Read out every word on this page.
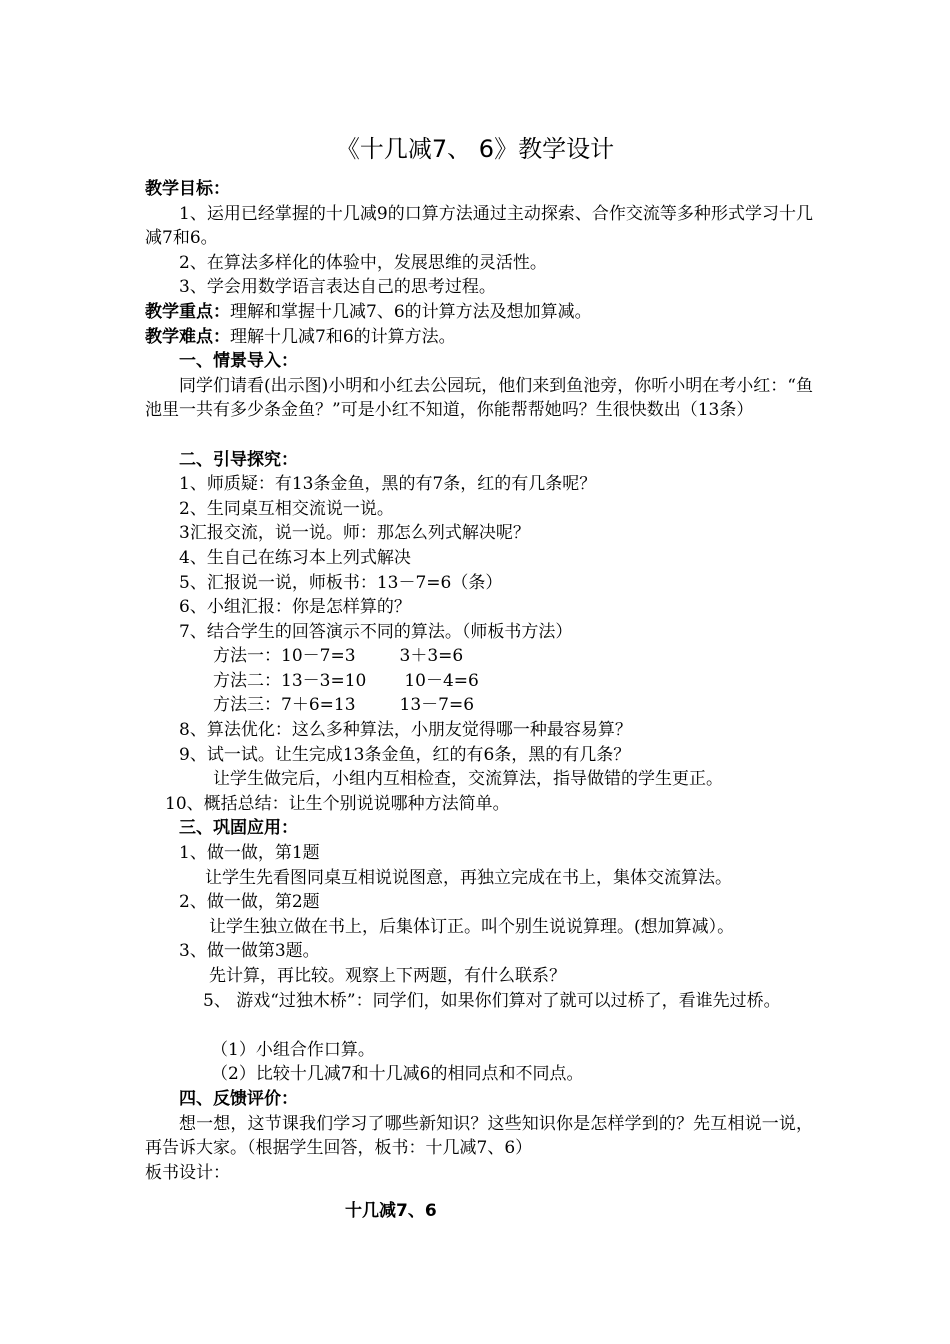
《十几减7、 6》教学设计
教学目标：
1、运用已经掌握的十几减9的口算方法通过主动探索、合作交流等多种形式学习十几减7和6。
2、在算法多样化的体验中，发展思维的灵活性。
3、学会用数学语言表达自己的思考过程。
教学重点：理解和掌握十几减7、6的计算方法及想加算减。
教学难点：理解十几减7和6的计算方法。
一、情景导入：
同学们请看(出示图)小明和小红去公园玩，他们来到鱼池旁，你听小明在考小红：“鱼池里一共有多少条金鱼？”可是小红不知道，你能帮帮她吗？生很快数出（13条）
二、引导探究：
1、师质疑：有13条金鱼，黑的有7条，红的有几条呢？
2、生同桌互相交流说一说。
3汇报交流，说一说。师：那怎么列式解决呢？
4、生自己在练习本上列式解决
5、汇报说一说，师板书：13－7=6（条）
6、小组汇报：你是怎样算的？
7、结合学生的回答演示不同的算法。（师板书方法）
方法一：10－7=3	3＋3=6
方法二：13－3=10 10－4=6
方法三：7＋6=13	13－7=6
8、算法优化：这么多种算法，小朋友觉得哪一种最容易算？
9、试一试。让生完成13条金鱼，红的有6条，黑的有几条？
让学生做完后，小组内互相检查，交流算法，指导做错的学生更正。
10、概括总结：让生个别说说哪种方法简单。
三、巩固应用：
1、做一做，第1题
让学生先看图同桌互相说说图意，再独立完成在书上，集体交流算法。
2、做一做，第2题
让学生独立做在书上，后集体订正。叫个别生说说算理。(想加算减）。
3、做一做第3题。
先计算，再比较。观察上下两题，有什么联系？
5、 游戏“过独木桥”：同学们，如果你们算对了就可以过桥了，看谁先过桥。
（1）小组合作口算。
（2）比较十几减7和十几减6的相同点和不同点。
四、反馈评价：
想一想，这节课我们学习了哪些新知识？这些知识你是怎样学到的？先互相说一说，再告诉大家。（根据学生回答，板书：十几减7、6）
板书设计：
十几减7、6
